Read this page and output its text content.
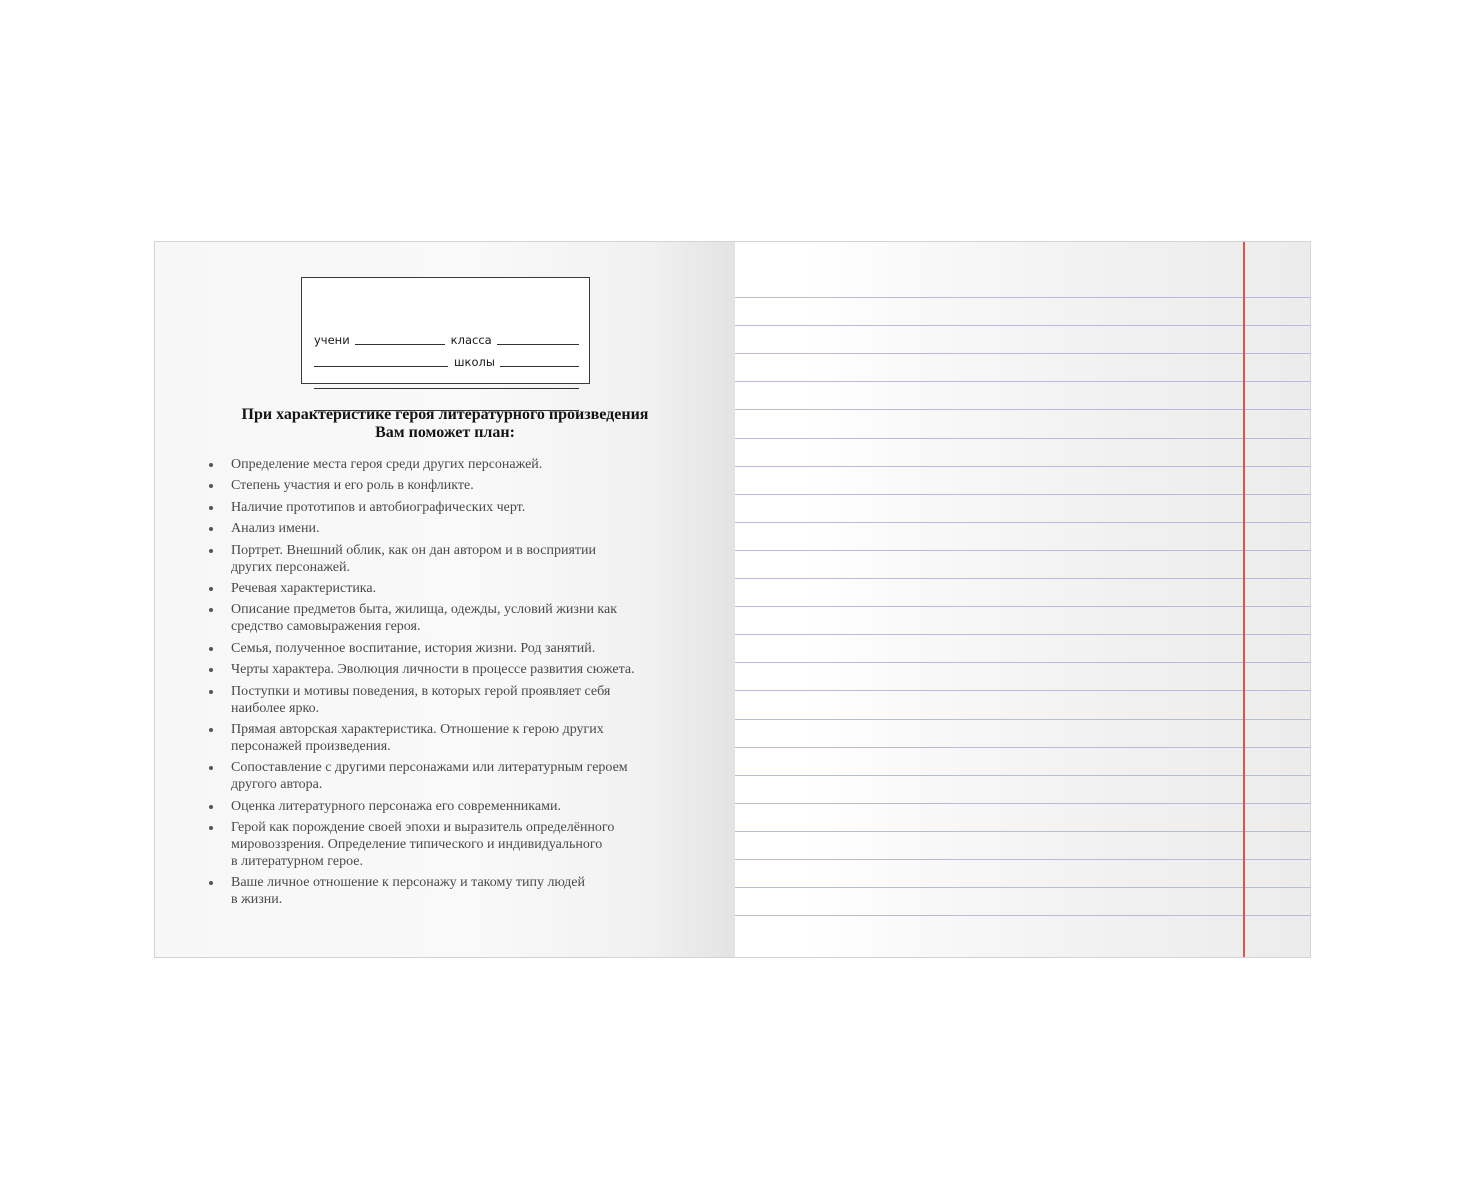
учени	класса
школы
При характеристике героя литературного произведения
Вам поможет план:
Определение места героя среди других персонажей.
Степень участия и его роль в конфликте.
Наличие прототипов и автобиографических черт.
Анализ имени.
Портрет. Внешний облик, как он дан автором и в восприятии
других персонажей.
Речевая характеристика.
Описание предметов быта, жилища, одежды, условий жизни как
средство самовыражения героя.
Семья, полученное воспитание, история жизни. Род занятий.
Черты характера. Эволюция личности в процессе развития сюжета.
Поступки и мотивы поведения, в которых герой проявляет себя
наиболее ярко.
Прямая авторская характеристика. Отношение к герою других
персонажей произведения.
Сопоставление с другими персонажами или литературным героем
другого автора.
Оценка литературного персонажа его современниками.
Герой как порождение своей эпохи и выразитель определённого
мировоззрения. Определение типического и индивидуального
в литературном герое.
Ваше личное отношение к персонажу и такому типу людей
в жизни.
